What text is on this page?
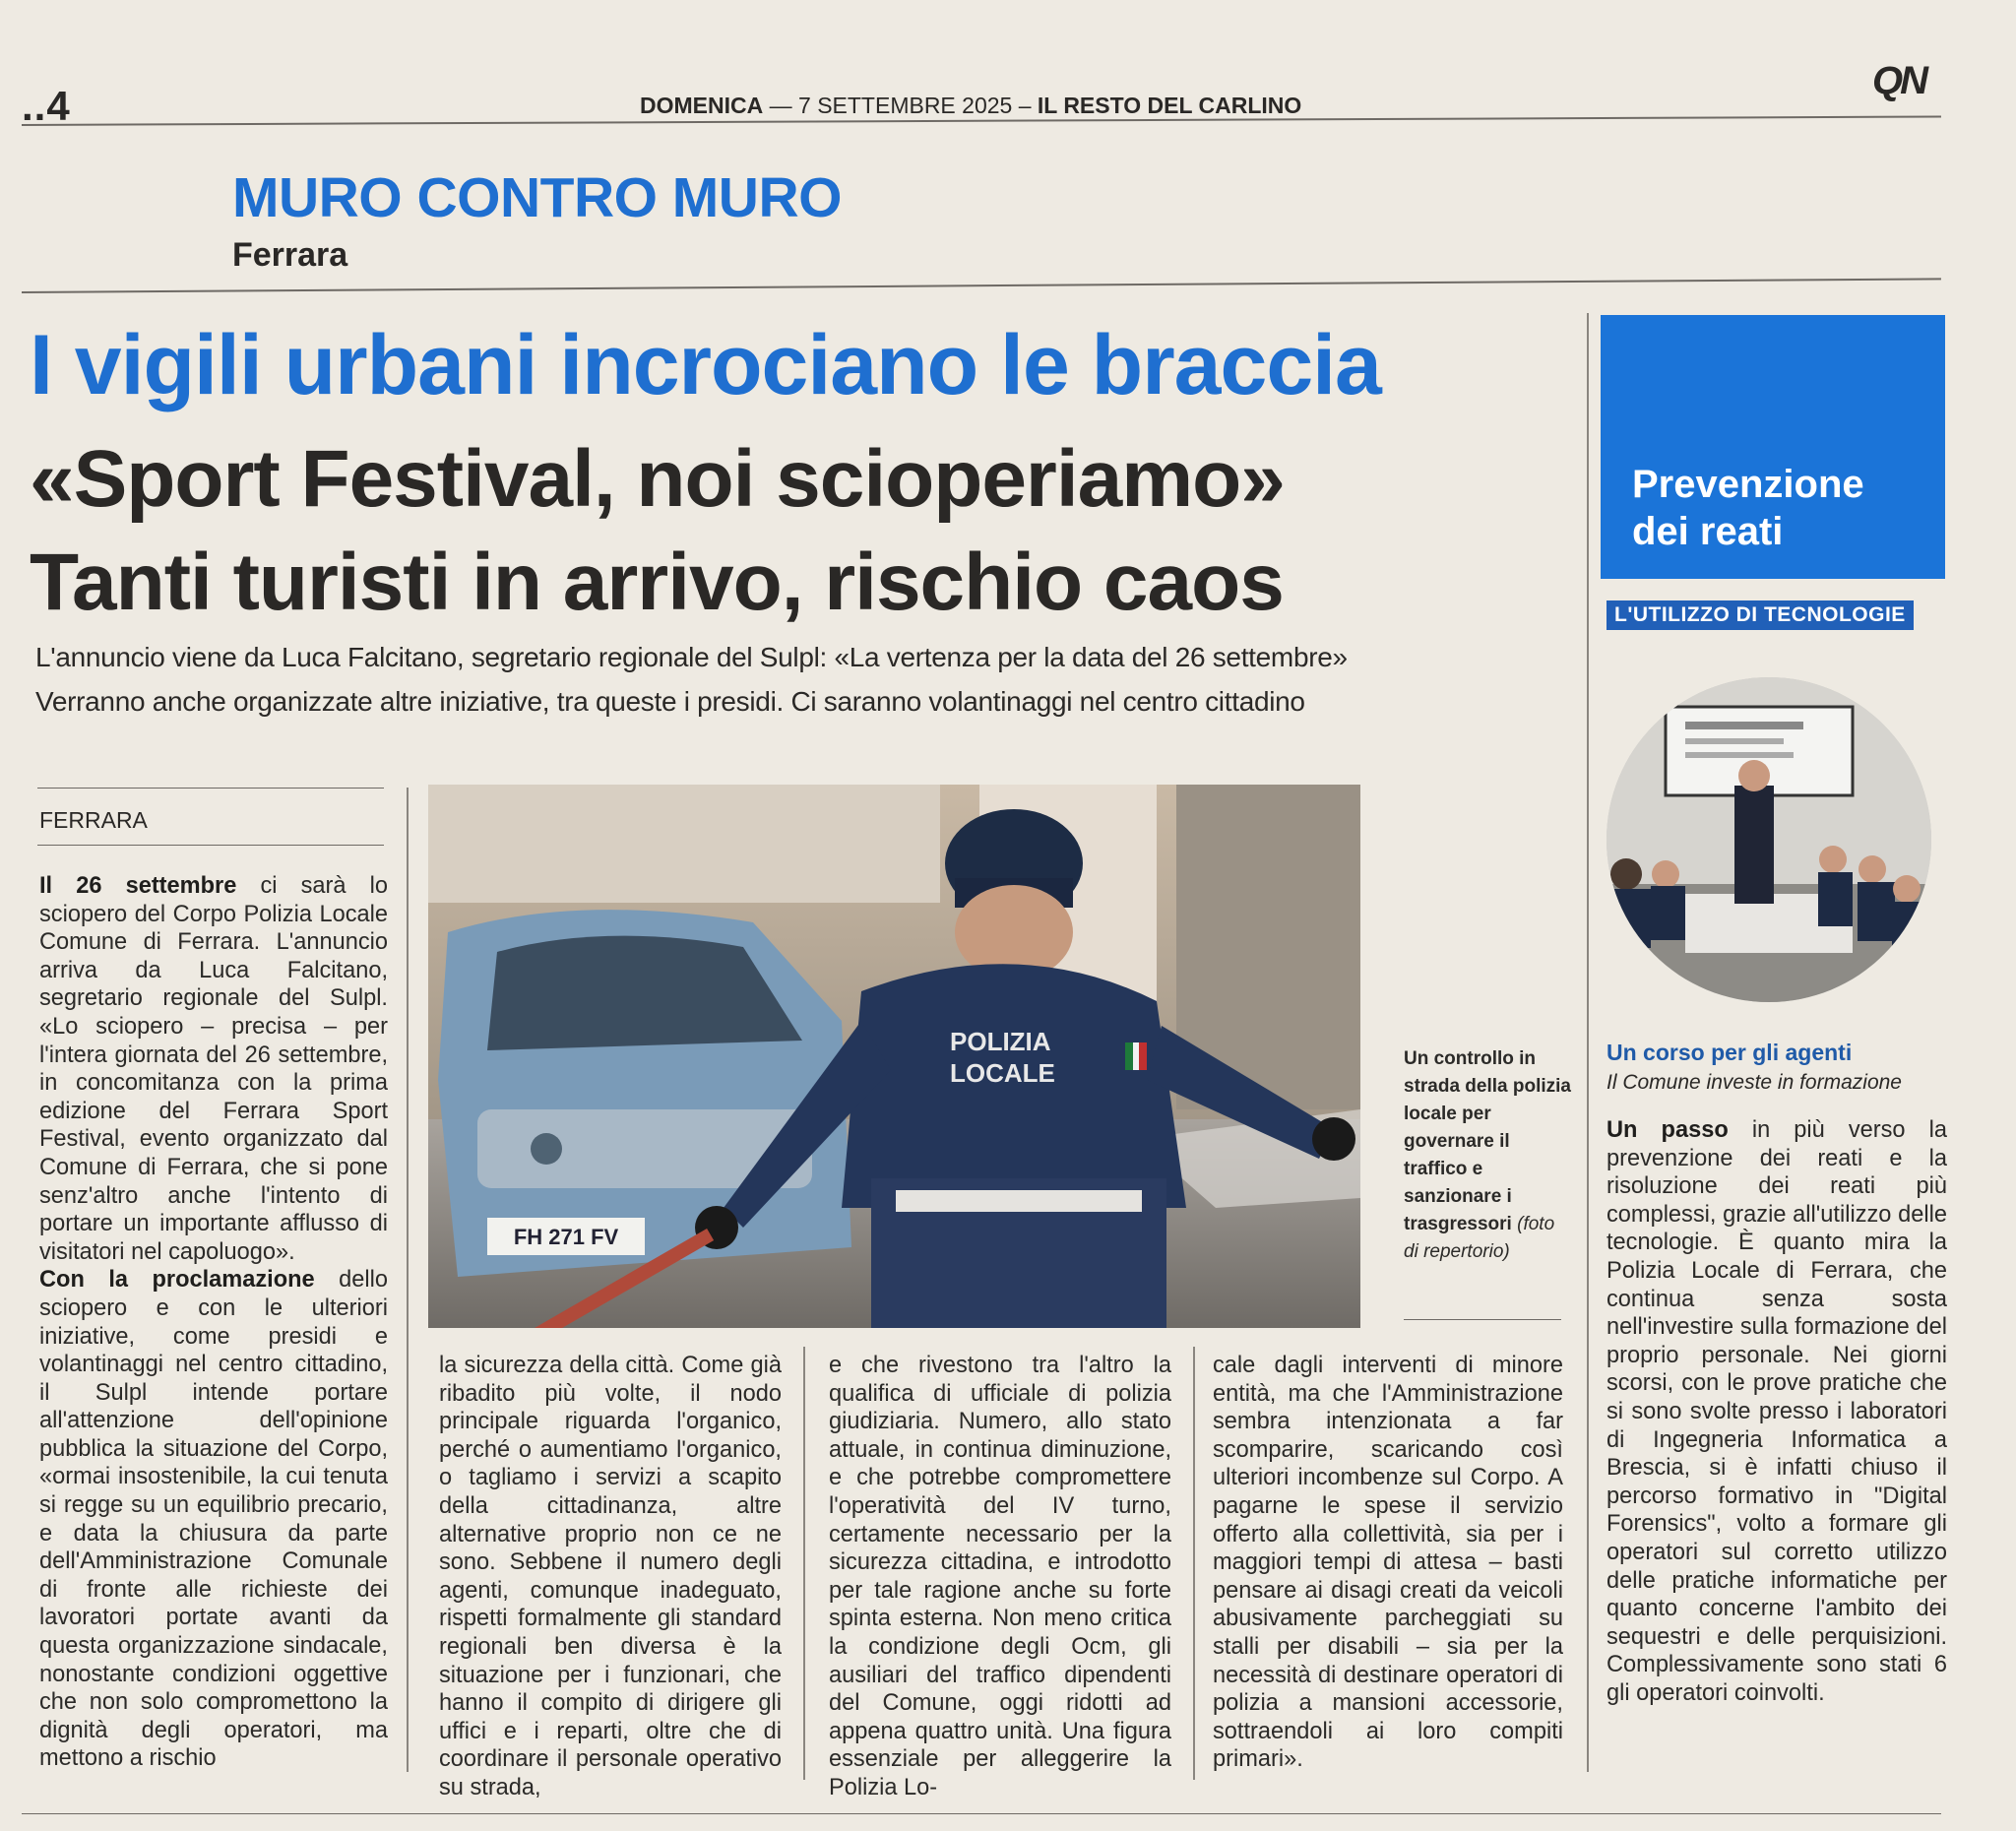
..4	DOMENICA — 7 SETTEMBRE 2025 – IL RESTO DEL CARLINO
QN
MURO CONTRO MURO
Ferrara
I vigili urbani incrociano le braccia
«Sport Festival, noi scioperiamo»
Tanti turisti in arrivo, rischio caos
L'annuncio viene da Luca Falcitano, segretario regionale del Sulpl: «La vertenza per la data del 26 settembre»
Verranno anche organizzate altre iniziative, tra queste i presidi. Ci saranno volantinaggi nel centro cittadino
FERRARA

Il 26 settembre ci sarà lo sciopero del Corpo Polizia Locale Comune di Ferrara. L'annuncio arriva da Luca Falcitano, segretario regionale del Sulpl. «Lo sciopero – precisa – per l'intera giornata del 26 settembre, in concomitanza con la prima edizione del Ferrara Sport Festival, evento organizzato dal Comune di Ferrara, che si pone senz'altro anche l'intento di portare un importante afflusso di visitatori nel capoluogo».

Con la proclamazione dello sciopero e con le ulteriori iniziative, come presidi e volantinaggi nel centro cittadino, il Sulpl intende portare all'attenzione dell'opinione pubblica la situazione del Corpo, «ormai insostenibile, la cui tenuta si regge su un equilibrio precario, e data la chiusura da parte dell'Amministrazione Comunale di fronte alle richieste dei lavoratori portate avanti da questa organizzazione sindacale, nonostante condizioni oggettive che non solo compromettono la dignità degli operatori, ma mettono a rischio

FH 271 FV
POLIZIA
LOCALE	Un controllo in strada della polizia locale per governare il traffico e sanzionare i trasgressori (foto di repertorio)

la sicurezza della città. Come già ribadito più volte, il nodo principale riguarda l'organico, perché o aumentiamo l'organico, o tagliamo i servizi a scapito della cittadinanza, altre alternative proprio non ce ne sono. Sebbene il numero degli agenti, comunque inadeguato, rispetti formalmente gli standard regionali ben diversa è la situazione per i funzionari, che hanno il compito di dirigere gli uffici e i reparti, oltre che di coordinare il personale operativo su strada,

e che rivestono tra l'altro la qualifica di ufficiale di polizia giudiziaria. Numero, allo stato attuale, in continua diminuzione, e che potrebbe compromettere l'operatività del IV turno, certamente necessario per la sicurezza cittadina, e introdotto per tale ragione anche su forte spinta esterna. Non meno critica la condizione degli Ocm, gli ausiliari del traffico dipendenti del Comune, oggi ridotti ad appena quattro unità. Una figura essenziale per alleggerire la Polizia Lo-

cale dagli interventi di minore entità, ma che l'Amministrazione sembra intenzionata a far scomparire, scaricando così ulteriori incombenze sul Corpo. A pagarne le spese il servizio offerto alla collettività, sia per i maggiori tempi di attesa – basti pensare ai disagi creati da veicoli abusivamente parcheggiati su stalli per disabili – sia per la necessità di destinare operatori di polizia a mansioni accessorie, sottraendoli ai loro compiti primari».

Prevenzione
dei reati
L'UTILIZZO DI TECNOLOGIE
Un corso per gli agenti
Il Comune investe in formazione

Un passo in più verso la prevenzione dei reati e la risoluzione dei reati più complessi, grazie all'utilizzo delle tecnologie. È quanto mira la Polizia Locale di Ferrara, che continua senza sosta nell'investire sulla formazione del proprio personale. Nei giorni scorsi, con le prove pratiche che si sono svolte presso i laboratori di Ingegneria Informatica a Brescia, si è infatti chiuso il percorso formativo in "Digital Forensics", volto a formare gli operatori sul corretto utilizzo delle pratiche informatiche per quanto concerne l'ambito dei sequestri e delle perquisizioni. Complessivamente sono stati 6 gli operatori coinvolti.
